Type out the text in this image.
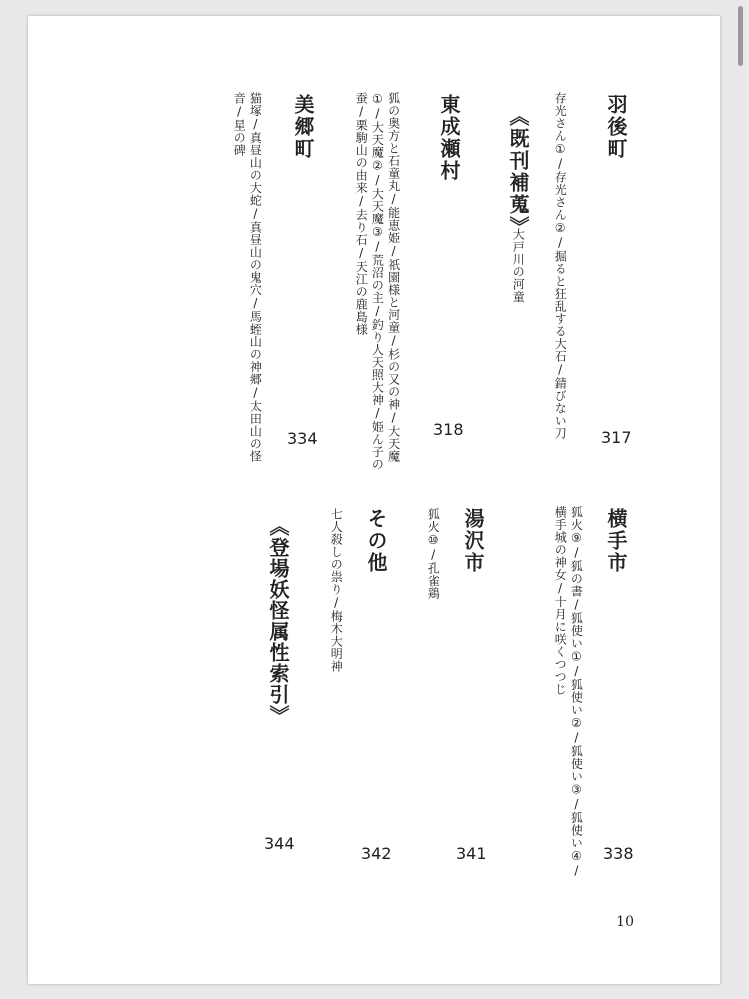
羽後町

存光さん①/存光さん②/掘ると狂乱する大石/錆びない刀 317
《既刊補蒐》

大戸川の河童

東成瀬村

狐の奥方と石童丸/能恵姫/祇園様と河童/杉の又の神/大天魔①/大天魔②/大天魔③/荒沼の主/釣り人天照大神/姫ん子の蚕/栗駒山の由来/去り石/天江の鹿島様

318
美郷町

猫塚/真昼山の大蛇/真昼山の鬼穴/馬蛭山の神郷/太田山の怪音/星の碑

334
横手市

狐火⑨/狐の書/狐使い①/狐使い②/狐使い③/狐使い④/横手城の神女/十月に咲くつつじ

338
湯沢市

狐火⑩/孔雀鶏

341
その他

七人殺しの祟り/梅木大明神

342
《登場妖怪属性索引》
344
10
